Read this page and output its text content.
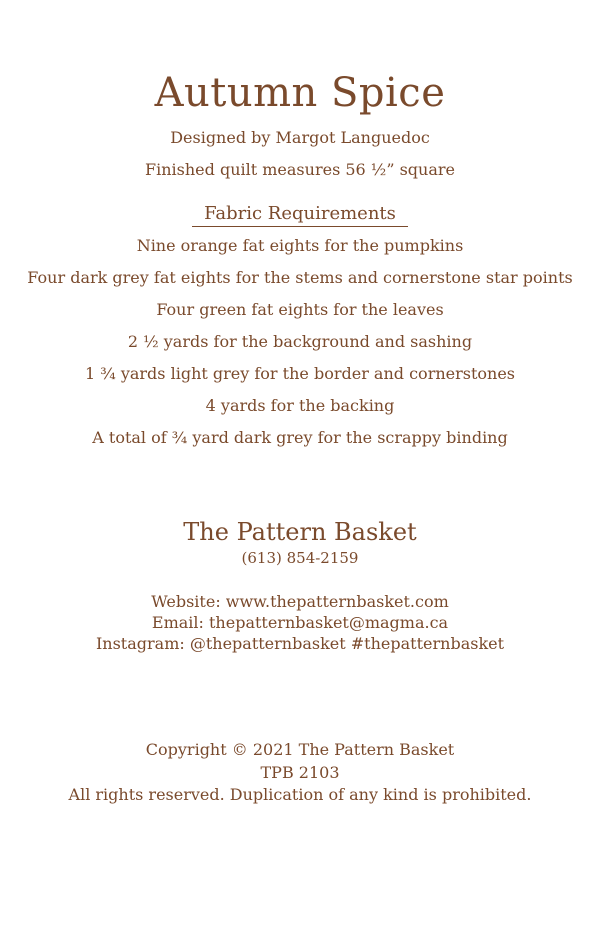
Autumn Spice
Designed by Margot Languedoc
Finished quilt measures 56 ½” square
Fabric Requirements
Nine orange fat eights for the pumpkins
Four dark grey fat eights for the stems and cornerstone star points
Four green fat eights for the leaves
2 ½ yards for the background and sashing
1 ¾ yards light grey for the border and cornerstones
4 yards for the backing
A total of ¾ yard dark grey for the scrappy binding
The Pattern Basket
(613) 854-2159
Website: www.thepatternbasket.com
Email: thepatternbasket@magma.ca
Instagram: @thepatternbasket #thepatternbasket
Copyright © 2021 The Pattern Basket
TPB 2103
All rights reserved. Duplication of any kind is prohibited.
